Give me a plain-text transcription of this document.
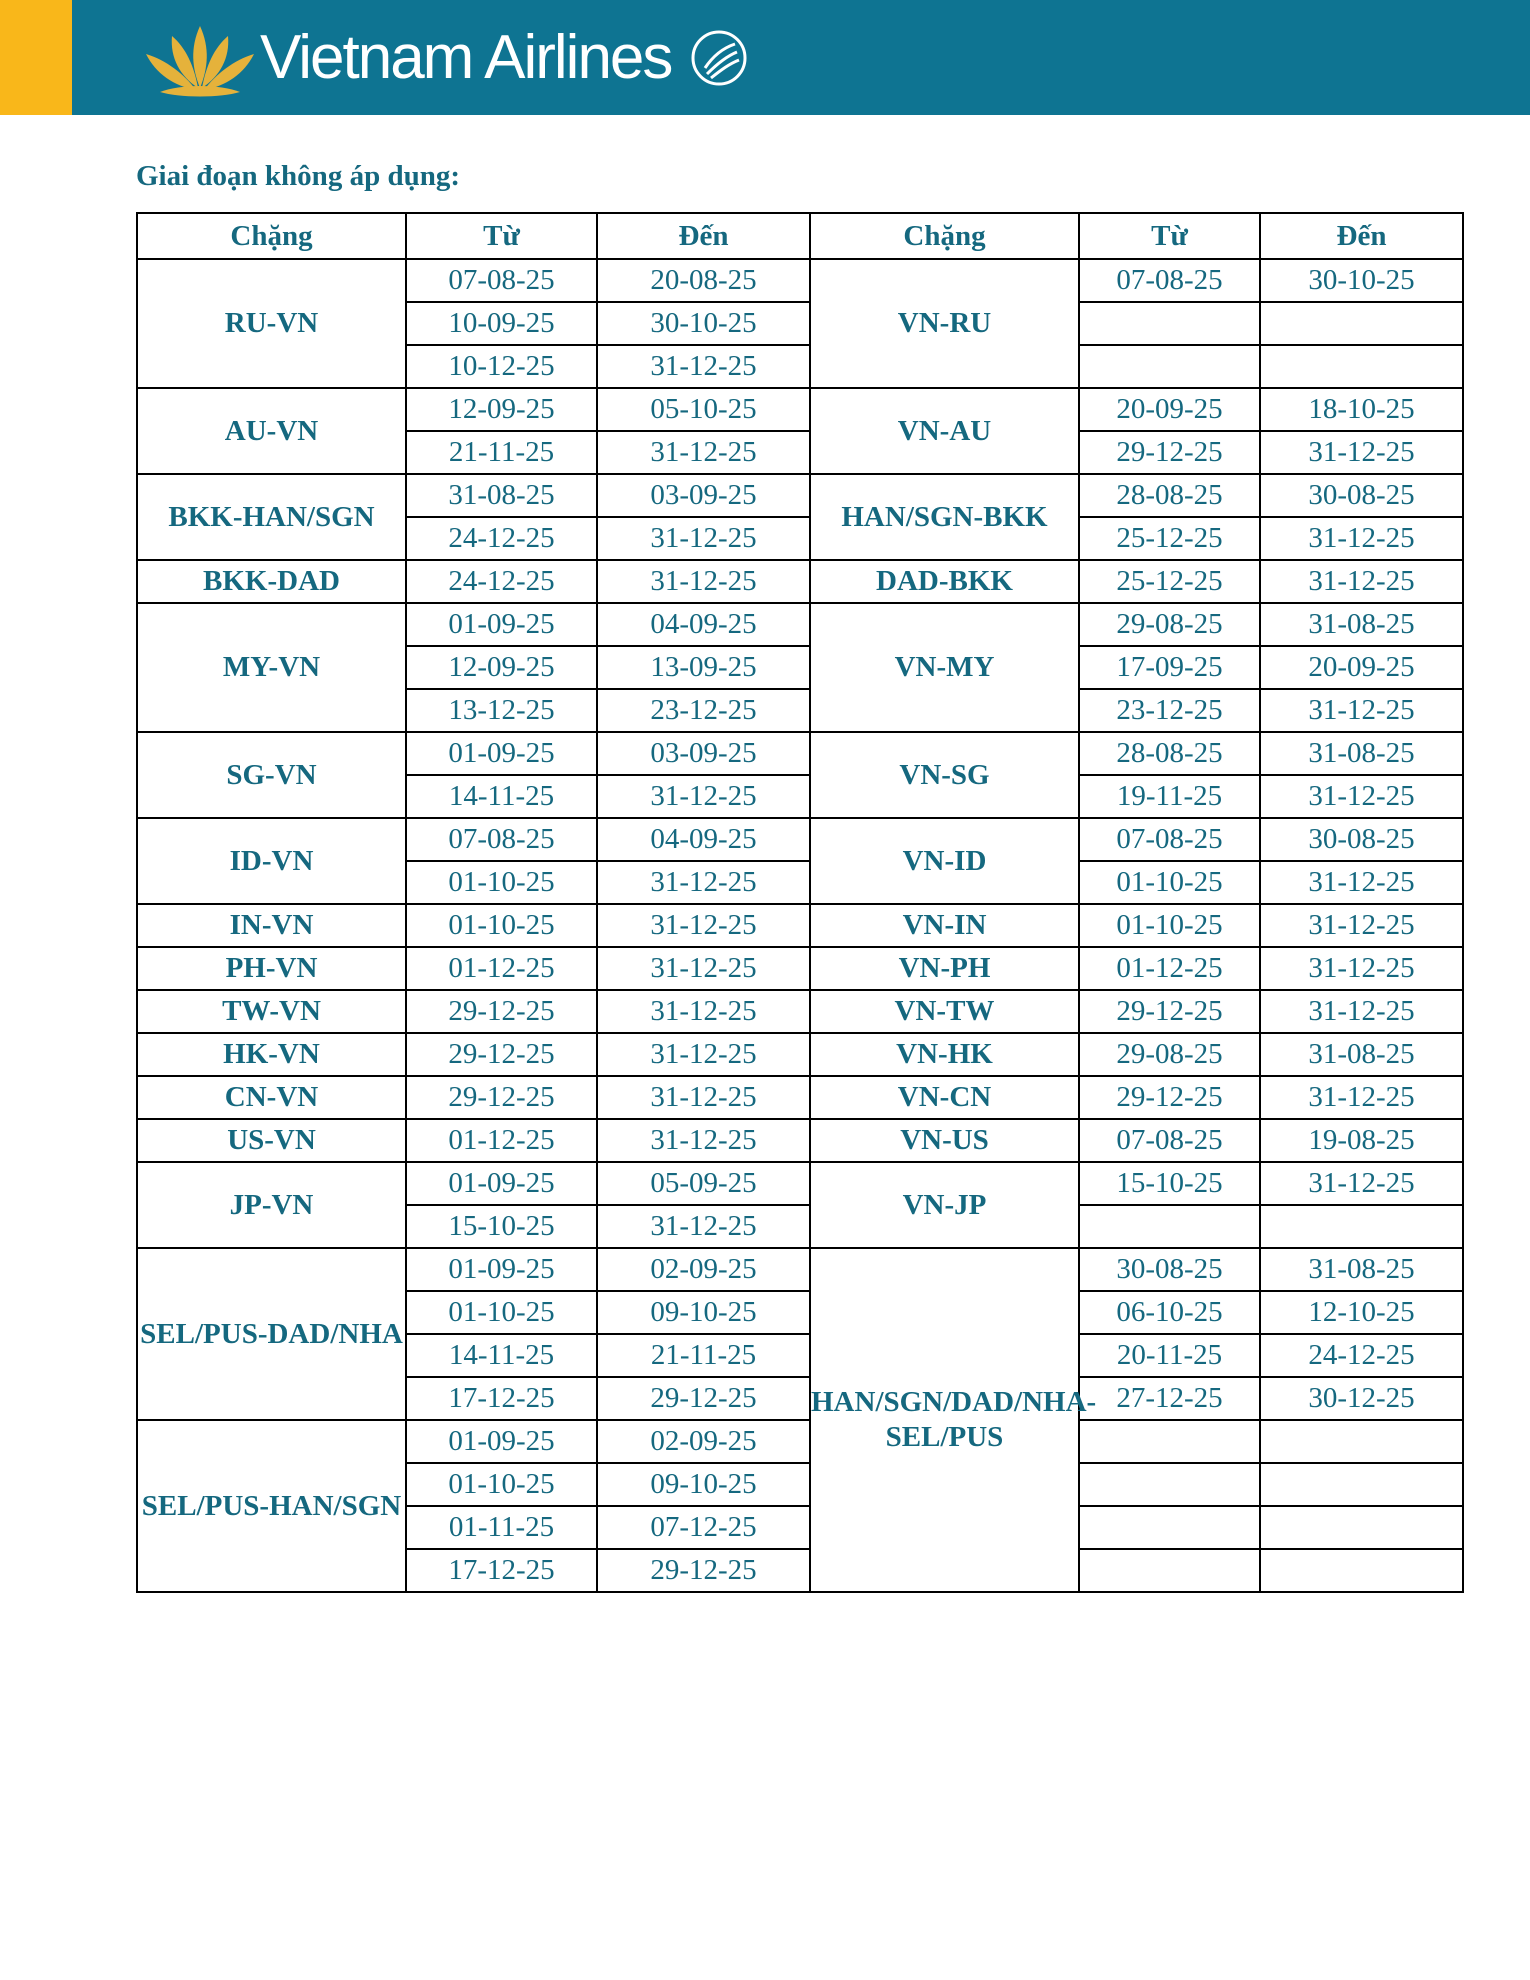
Vietnam Airlines
Giai đoạn không áp dụng:
Chặng	Từ	Đến	Chặng	Từ	Đến
RU-VN	07-08-25	20-08-25	VN-RU	07-08-25	30-10-25
	10-09-25	30-10-25			
	10-12-25	31-12-25			
AU-VN	12-09-25	05-10-25	VN-AU	20-09-25	18-10-25
	21-11-25	31-12-25		29-12-25	31-12-25
BKK-HAN/SGN	31-08-25	03-09-25	HAN/SGN-BKK	28-08-25	30-08-25
	24-12-25	31-12-25		25-12-25	31-12-25
BKK-DAD	24-12-25	31-12-25	DAD-BKK	25-12-25	31-12-25
MY-VN	01-09-25	04-09-25	VN-MY	29-08-25	31-08-25
	12-09-25	13-09-25		17-09-25	20-09-25
	13-12-25	23-12-25		23-12-25	31-12-25
SG-VN	01-09-25	03-09-25	VN-SG	28-08-25	31-08-25
	14-11-25	31-12-25		19-11-25	31-12-25
ID-VN	07-08-25	04-09-25	VN-ID	07-08-25	30-08-25
	01-10-25	31-12-25		01-10-25	31-12-25
IN-VN	01-10-25	31-12-25	VN-IN	01-10-25	31-12-25
PH-VN	01-12-25	31-12-25	VN-PH	01-12-25	31-12-25
TW-VN	29-12-25	31-12-25	VN-TW	29-12-25	31-12-25
HK-VN	29-12-25	31-12-25	VN-HK	29-08-25	31-08-25
CN-VN	29-12-25	31-12-25	VN-CN	29-12-25	31-12-25
US-VN	01-12-25	31-12-25	VN-US	07-08-25	19-08-25
JP-VN	01-09-25	05-09-25	VN-JP	15-10-25	31-12-25
	15-10-25	31-12-25			
SEL/PUS-DAD/NHA	01-09-25	02-09-25	HAN/SGN/DAD/NHA-SEL/PUS	30-08-25	31-08-25
	01-10-25	09-10-25		06-10-25	12-10-25
	14-11-25	21-11-25		20-11-25	24-12-25
	17-12-25	29-12-25		27-12-25	30-12-25
SEL/PUS-HAN/SGN	01-09-25	02-09-25			
	01-10-25	09-10-25			
	01-11-25	07-12-25			
	17-12-25	29-12-25			
